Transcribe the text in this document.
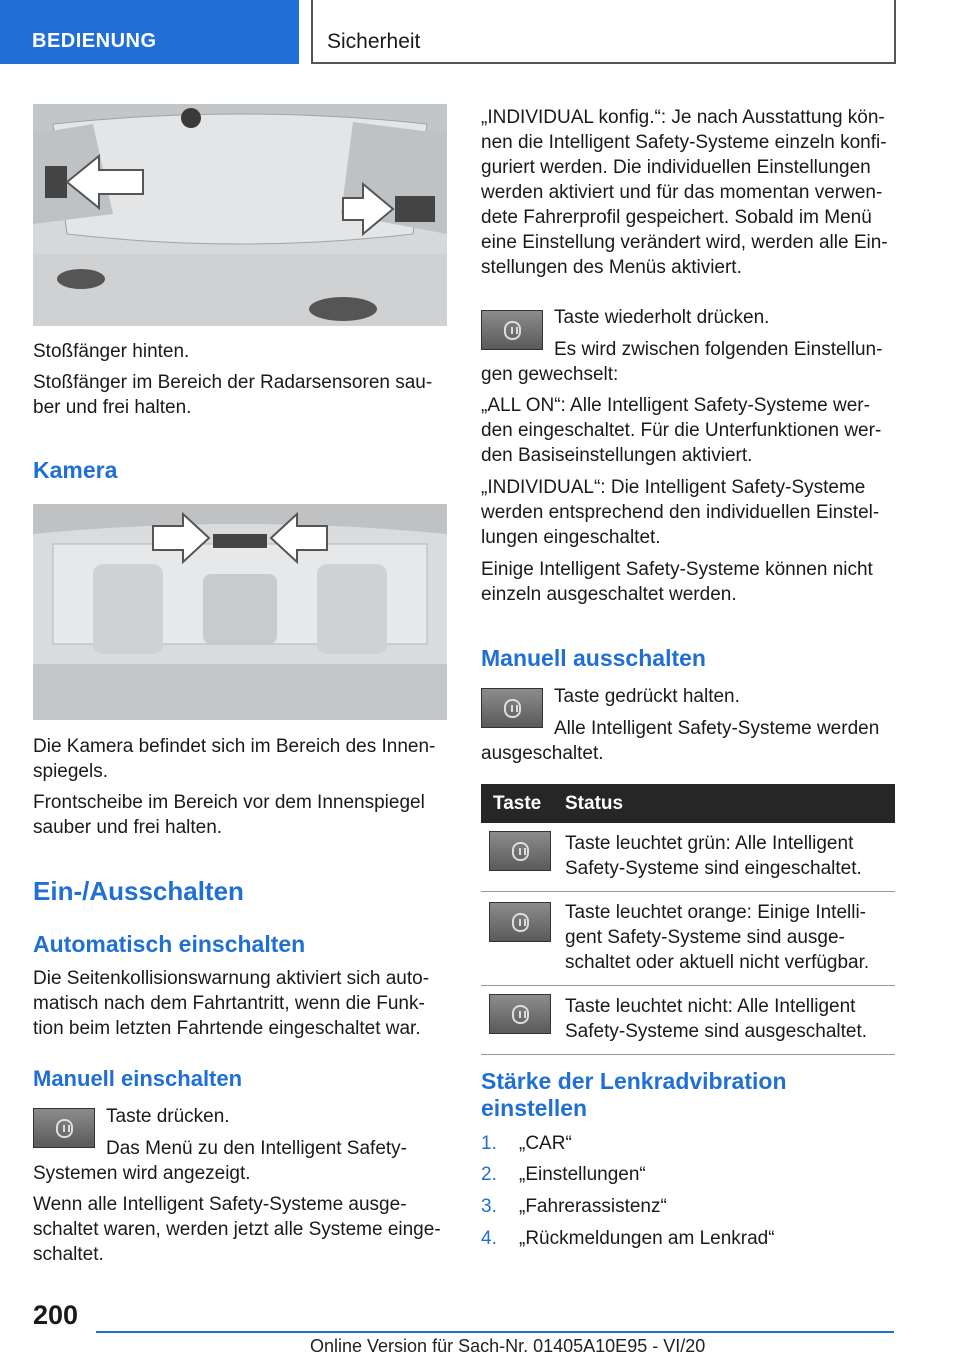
BEDIENUNG	Sicherheit

Stoßfänger hinten.

Stoßfänger im Bereich der Radarsensoren sau-

ber und frei halten.

Kamera

Die Kamera befindet sich im Bereich des Innen-

spiegels.

Frontscheibe im Bereich vor dem Innenspiegel

sauber und frei halten.

Ein-/Ausschalten
Automatisch einschalten

Die Seitenkollisionswarnung aktiviert sich auto-

matisch nach dem Fahrtantritt, wenn die Funk-

tion beim letzten Fahrtende eingeschaltet war.

Manuell einschalten

Taste drücken.

Das Menü zu den Intelligent Safety-

Systemen wird angezeigt.

Wenn alle Intelligent Safety-Systeme ausge-

schaltet waren, werden jetzt alle Systeme einge-

schaltet.

„INDIVIDUAL konfig.“: Je nach Ausstattung kön-

nen die Intelligent Safety-Systeme einzeln konfi-

guriert werden. Die individuellen Einstellungen

werden aktiviert und für das momentan verwen-

dete Fahrerprofil gespeichert. Sobald im Menü

eine Einstellung verändert wird, werden alle Ein-

stellungen des Menüs aktiviert.

Taste wiederholt drücken.

Es wird zwischen folgenden Einstellun-

gen gewechselt:

„ALL ON“: Alle Intelligent Safety-Systeme wer-

den eingeschaltet. Für die Unterfunktionen wer-

den Basiseinstellungen aktiviert.

„INDIVIDUAL“: Die Intelligent Safety-Systeme

werden entsprechend den individuellen Einstel-

lungen eingeschaltet.

Einige Intelligent Safety-Systeme können nicht

einzeln ausgeschaltet werden.

Manuell ausschalten

Taste gedrückt halten.

Alle Intelligent Safety-Systeme werden

ausgeschaltet.

Taste	Status

	Taste leuchtet grün: Alle Intelligent
Safety-Systeme sind eingeschaltet.

	Taste leuchtet orange: Einige Intelli-
gent Safety-Systeme sind ausge-
schaltet oder aktuell nicht verfügbar.

	Taste leuchtet nicht: Alle Intelligent
Safety-Systeme sind ausgeschaltet.
Stärke der Lenkradvibration
einstellen
1. „CAR“
2. „Einstellungen“
3. „Fahrerassistenz“
4. „Rückmeldungen am Lenkrad“
200
Online Version für Sach-Nr. 01405A10E95 - VI/20
